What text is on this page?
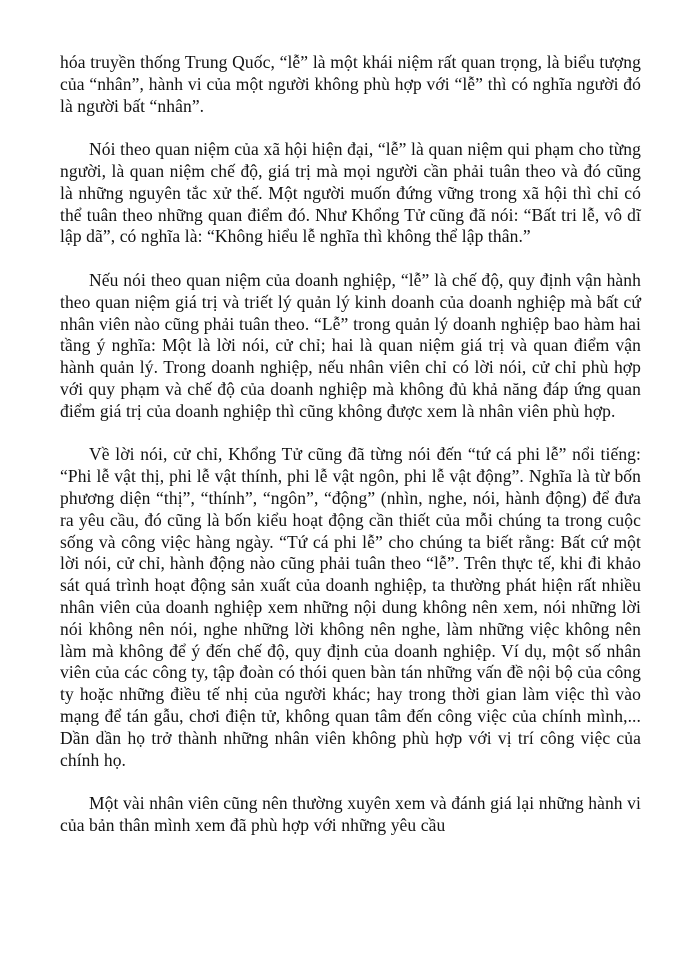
hóa truyền thống Trung Quốc, “lễ” là một khái niệm rất quan trọng, là biểu tượng của “nhân”, hành vi của một người không phù hợp với “lễ” thì có nghĩa người đó là người bất “nhân”.

Nói theo quan niệm của xã hội hiện đại, “lễ” là quan niệm qui phạm cho từng người, là quan niệm chế độ, giá trị mà mọi người cần phải tuân theo và đó cũng là những nguyên tắc xử thế. Một người muốn đứng vững trong xã hội thì chỉ có thể tuân theo những quan điểm đó. Như Khổng Tử cũng đã nói: “Bất tri lễ, vô dĩ lập dã”, có nghĩa là: “Không hiểu lễ nghĩa thì không thể lập thân.”

Nếu nói theo quan niệm của doanh nghiệp, “lễ” là chế độ, quy định vận hành theo quan niệm giá trị và triết lý quản lý kinh doanh của doanh nghiệp mà bất cứ nhân viên nào cũng phải tuân theo. “Lễ” trong quản lý doanh nghiệp bao hàm hai tầng ý nghĩa: Một là lời nói, cử chỉ; hai là quan niệm giá trị và quan điểm vận hành quản lý. Trong doanh nghiệp, nếu nhân viên chỉ có lời nói, cử chỉ phù hợp với quy phạm và chế độ của doanh nghiệp mà không đủ khả năng đáp ứng quan điểm giá trị của doanh nghiệp thì cũng không được xem là nhân viên phù hợp.

Về lời nói, cử chỉ, Khổng Tử cũng đã từng nói đến “tứ cá phi lễ” nổi tiếng: “Phi lễ vật thị, phi lễ vật thính, phi lễ vật ngôn, phi lễ vật động”. Nghĩa là từ bốn phương diện “thị”, “thính”, “ngôn”, “động” (nhìn, nghe, nói, hành động) để đưa ra yêu cầu, đó cũng là bốn kiểu hoạt động cần thiết của mỗi chúng ta trong cuộc sống và công việc hàng ngày. “Tứ cá phi lễ” cho chúng ta biết rằng: Bất cứ một lời nói, cử chỉ, hành động nào cũng phải tuân theo “lễ”. Trên thực tế, khi đi khảo sát quá trình hoạt động sản xuất của doanh nghiệp, ta thường phát hiện rất nhiều nhân viên của doanh nghiệp xem những nội dung không nên xem, nói những lời nói không nên nói, nghe những lời không nên nghe, làm những việc không nên làm mà không để ý đến chế độ, quy định của doanh nghiệp. Ví dụ, một số nhân viên của các công ty, tập đoàn có thói quen bàn tán những vấn đề nội bộ của công ty hoặc những điều tế nhị của người khác; hay trong thời gian làm việc thì vào mạng để tán gẫu, chơi điện tử, không quan tâm đến công việc của chính mình,... Dần dần họ trở thành những nhân viên không phù hợp với vị trí công việc của chính họ.

Một vài nhân viên cũng nên thường xuyên xem và đánh giá lại những hành vi của bản thân mình xem đã phù hợp với những yêu cầu
